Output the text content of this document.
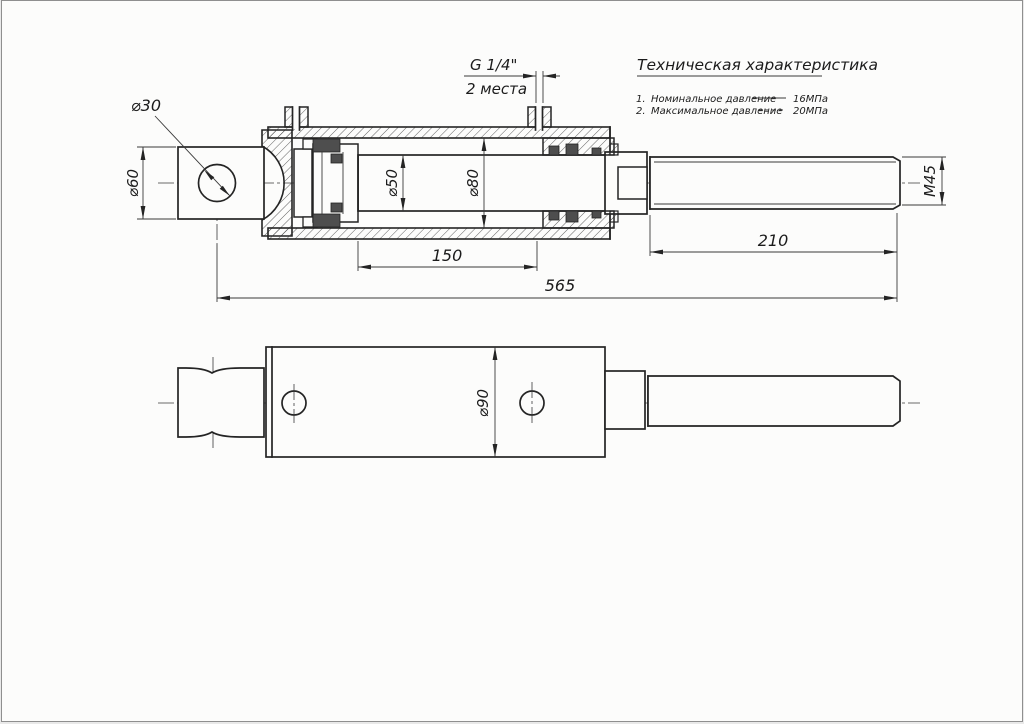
⌀30
⌀60	⌀50	⌀80
G 1/4"
2 места
150
210
565
M45
⌀90
Техническая характеристика
1. Номинальное давление 16МПа
2. Максимальное давление 20МПа
